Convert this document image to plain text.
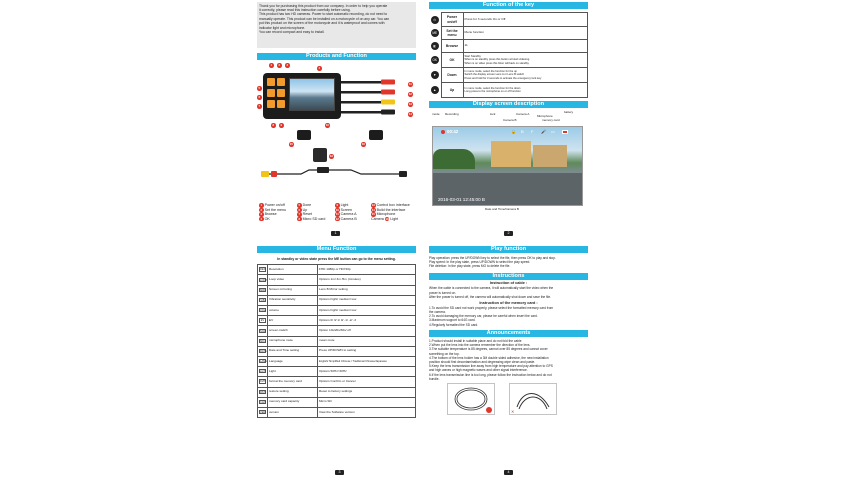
Thank you for purchasing this product from our company. In order to help you operate
it correctly, please read this instruction carefully before using.
This product has two HD cameras. Power to start automatic recording, do not need to
manually operate. This product can be installed on a motorcycle of on any car. You can
put this product on the screen of the motorcycle and it is waterproof and comes with
indicator light and microphone.
You can record compact and easy to install.
Products and Function
1	2	3
4
5
6
7
8	9	10
11
12
13
14
15	16
13
1 Power on/off
2 Set the menu
3 Browse
4 OK
5 Done
6 Up
7 Reset
8 Micro SD card
9 Light
10 Screen
11 Camera A
12 Camera B
13 Control box interface
14 Build the interface
15 Microphone
Camera 16 Light
1
Function of the key
⏻	Power on/off	Press for 3 seconds On or Off

ME	Set the menu	Menu function

◧	Browse	11

OK	OK	Start Standby
When is on standby press this button wil start videoing.
When is on video press this btton will back on standby.

▼	Down	In menu mode, select the function for the up
Switch the display screen Lens A or Lens B switch
Press and hold for 3 seconds to activate the emergency lock key

▲	Up	In menu mode, select the function for the down
Long press to the microphone on or off function
Display screen description
mode Recording	lock	Camera A	Microphone
battery
Camera B	memory card
00:42	🔒 B F 🎤 ▭
2016-03-01 12:45:00 B
Date and Time/Camera B
2
Menu Function
In standby or video state press the ME button can go to the menu setting.
RES	Resolution	FHD 1080p or HD720p
LOOP	Loop video	Options 1m/ 3m /5m (minutes)
MIR	Screen mirroring	Lens B Mirror setting
VIB	Vibration sensitivity	Options hight/ medium/ low
VOL	volume	Options hight/ medium/ low
EV	EV	Options 0/ 3/ 1/ 0/ -1/ -2/ -3
SCR	screen switch	Option 10s/20s/30s/ off
MIC	microphone mute	mean mute
DATE	Date and Time setting	Press UP/DOWN to setting
LANG	Language	English/ Simplified Chinese / Traditional Chinese/Japanese
LGT	Light	Options 50Hz/ 60Hz
FMT	format the memory card	Options Confirm or Cancel
RST	restore setting	Reset to factory settings
CAP	memory card capacity	Micro SD
VER	version	View the Software version
3
Play function
Play operation: press the UP/DOWN key to select the file, then press OK to play and stop.
Play speed: In the play state, press UP/DOWN to select the play speed.
File deletion: In the play state, press MO to delete the file.
Instructions
Instruction of cable :
When the cable is connected to the camera, it will automatically start the video when the
power is turned on.
After the power is turned off, the camera will automatically shut down and save the file.
Instruction of the memory card :
1.To avoid the SD card not work properly, please select the formatted memory card from
the camera.
2.To avoid damaging the memory car, please be careful when insert the card.
3.Maximum support to 64G card.
4.Regularly formatted the SD card.
Announcements
1.Product should install in suitable place and do not fold the cable
2.When put the lens into the camera remember the direction of the lens.
3.The suitable temperature is 85 degrees, cannot over 85 degrees and cannot cover
something on the top.
4.The bottom of the lens holder has a 3M double sided adhesive, the new installation
position should first decontamination and degreasing wipe clean and paste.
5.Keep the lens transmission line away from high temperature and pay attention to GPS
and high waves or high magnetic waves and other signal interference.
6.If the lens transmission line is too long, please follow the instruction below and do not
bundle.
✕
4
